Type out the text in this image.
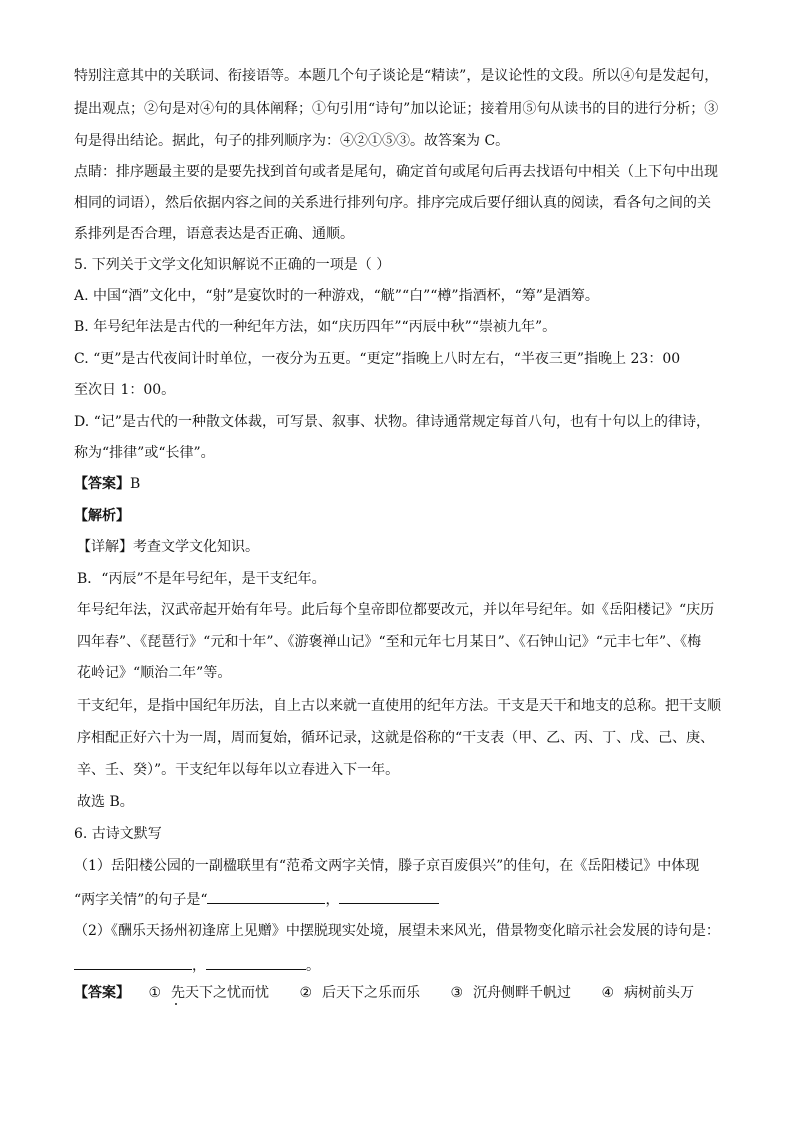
特别注意其中的关联词、衔接语等。本题几个句子谈论是“精读”，是议论性的文段。所以④句是发起句，
提出观点；②句是对④句的具体阐释；①句引用“诗句”加以论证；接着用⑤句从读书的目的进行分析；③
句是得出结论。据此，句子的排列顺序为：④②①⑤③。故答案为 C。
点睛：排序题最主要的是要先找到首句或者是尾句，确定首句或尾句后再去找语句中相关（上下句中出现
相同的词语），然后依据内容之间的关系进行排列句序。排序完成后要仔细认真的阅读，看各句之间的关
系排列是否合理，语意表达是否正确、通顺。
5. 下列关于文学文化知识解说不正确的一项是（ ）
A. 中国“酒”文化中，“射”是宴饮时的一种游戏，“觥”“白”“樽”指酒杯，“筹”是酒筹。
B. 年号纪年法是古代的一种纪年方法，如“庆历四年”“丙辰中秋”“崇祯九年”。
C. “更”是古代夜间计时单位，一夜分为五更。“更定”指晚上八时左右，“半夜三更”指晚上 23：00
至次日 1：00。
D. “记”是古代的一种散文体裁，可写景、叙事、状物。律诗通常规定每首八句，也有十句以上的律诗，
称为“排律”或“长律”。
【答案】B
【解析】
【详解】考查文学文化知识。
B．“丙辰”不是年号纪年，是干支纪年。
年号纪年法，汉武帝起开始有年号。此后每个皇帝即位都要改元，并以年号纪年。如《岳阳楼记》“庆历
四年春”、《琵琶行》“元和十年”、《游褒禅山记》“至和元年七月某日”、《石钟山记》“元丰七年”、《梅
花岭记》“顺治二年”等。
干支纪年，是指中国纪年历法，自上古以来就一直使用的纪年方法。干支是天干和地支的总称。把干支顺
序相配正好六十为一周，周而复始，循环记录，这就是俗称的“干支表（甲、乙、丙、丁、戊、己、庚、
辛、壬、癸）”。干支纪年以每年以立春进入下一年。
故选 B。
6. 古诗文默写
（1）岳阳楼公园的一副楹联里有“范希文两字关情，滕子京百废俱兴”的佳句，在《岳阳楼记》中体现
“两字关情”的句子是“	，
（2）《酬乐天扬州初逢席上见赠》中摆脱现实处境，展望未来风光，借景物变化暗示社会发展的诗句是：
，	。
【答案】 ① 先天下之忧而忧 ② 后天下之乐而乐 ③ 沉舟侧畔千帆过 ④ 病树前头万
